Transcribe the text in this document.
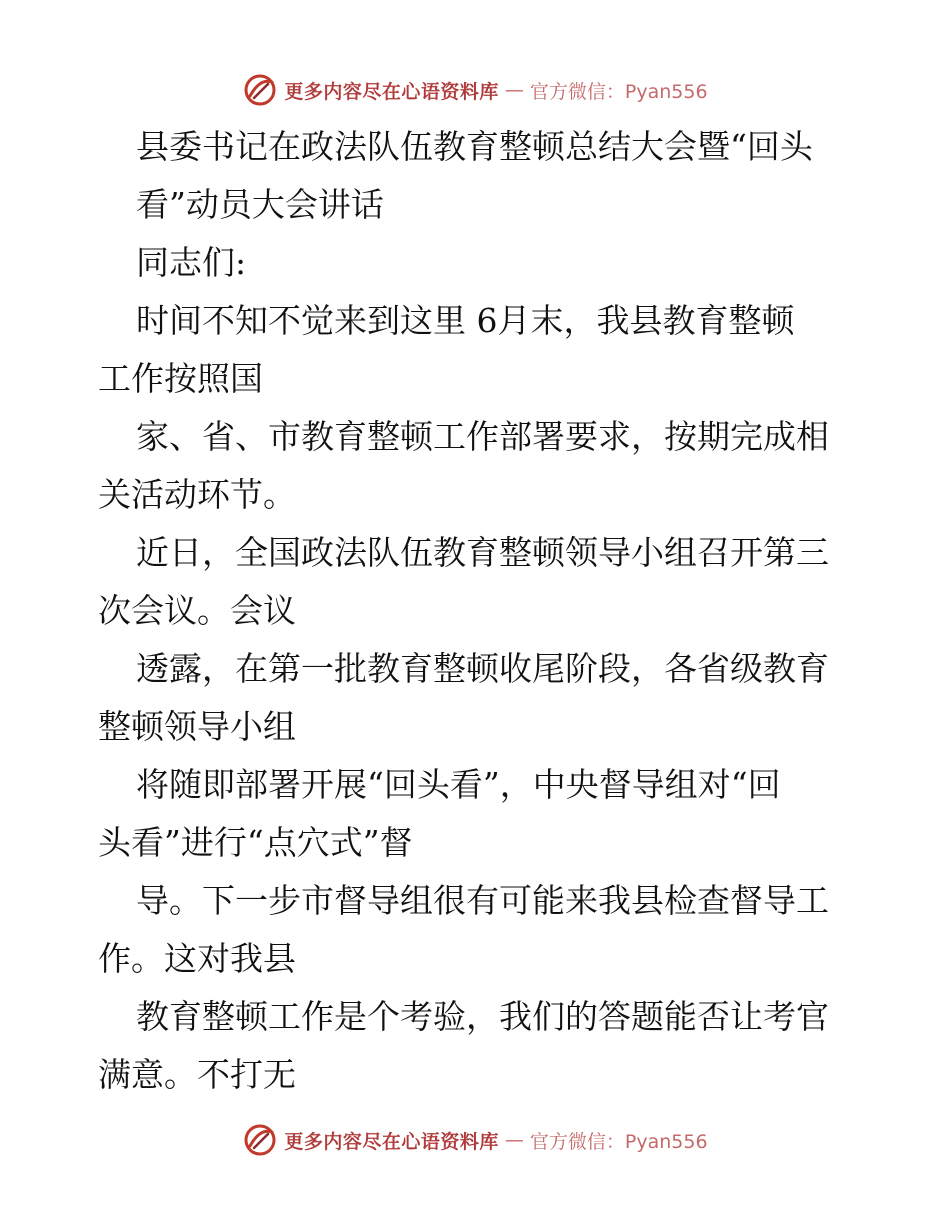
更多内容尽在心语资料库 — 官方微信：Pyan556
县委书记在政法队伍教育整顿总结大会暨“回头
看”动员大会讲话
同志们:
时间不知不觉来到这里 6月末，我县教育整顿
工作按照国
家、省、市教育整顿工作部署要求，按期完成相
关活动环节。
近日，全国政法队伍教育整顿领导小组召开第三
次会议。会议
透露，在第一批教育整顿收尾阶段，各省级教育
整顿领导小组
将随即部署开展“回头看”，中央督导组对“回
头看”进行“点穴式”督
导。下一步市督导组很有可能来我县检查督导工
作。这对我县
教育整顿工作是个考验，我们的答题能否让考官
满意。不打无
更多内容尽在心语资料库 — 官方微信：Pyan556
